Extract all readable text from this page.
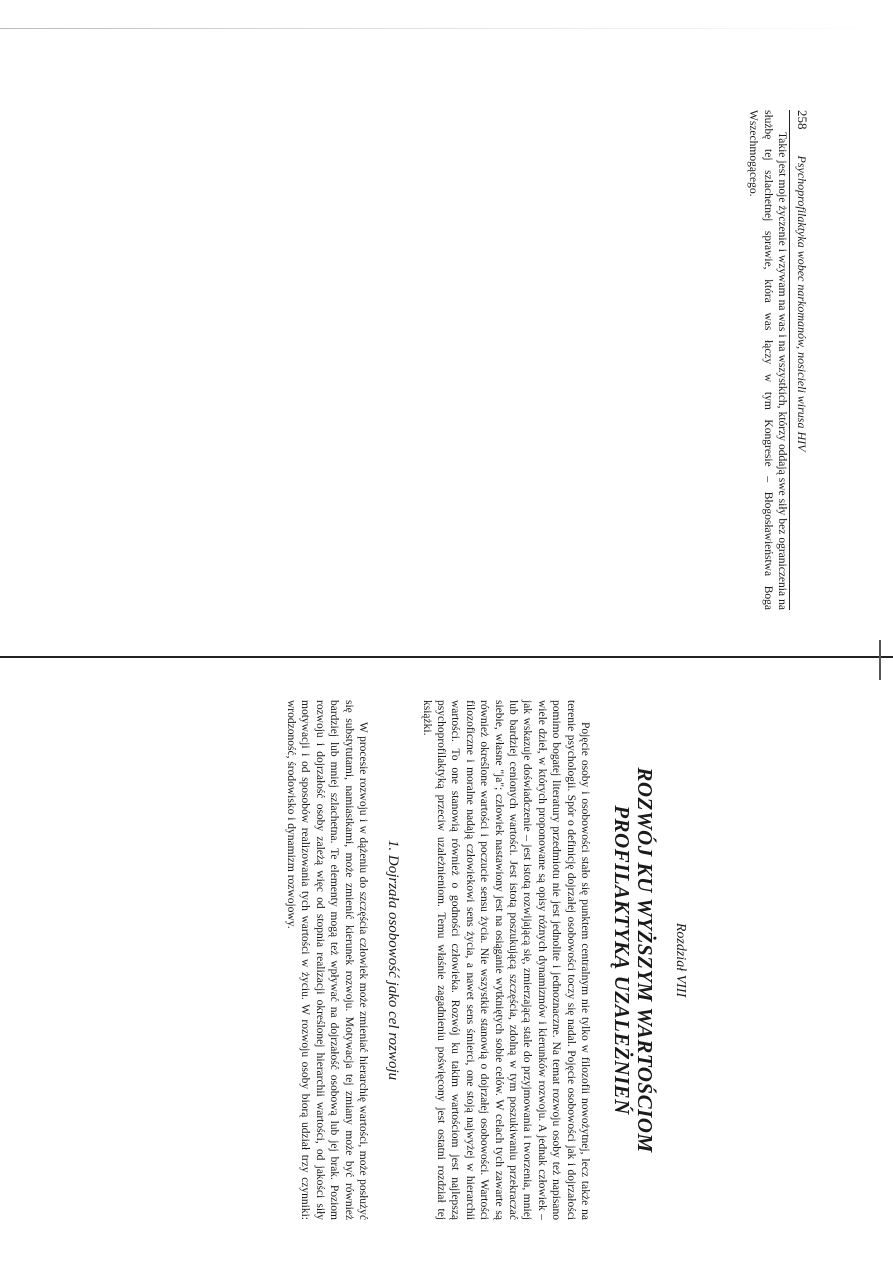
258
Psychoprofilaktyka wobec narkomanów, nosicieli wirusa HIV

Takie jest moje życzenie i wzywam na was i na wszystkich, którzy oddają swe siły bez ograniczenia na służbę tej szlachetnej sprawie, która was łączy w tym Kongresie – Błogosławieństwa Boga Wszechmogącego.

Rozdział VIII
ROZWÓJ KU WYŻSZYM WARTOŚCIOM
PROFILAKTYKĄ UZALEŻNIEŃ

Pojęcie osoby i osobowości stało się punktem centralnym nie tylko w filozofii nowożytnej, lecz także na terenie psychologii. Spór o definicję dojrzałej osobowości toczy się nadal. Pojęcie osobowości jak i dojrzałości pomimo bogatej literatury przedmiotu nie jest jednolite i jednoznaczne. Na temat rozwoju osoby też napisano wiele dzieł, w których proponowane są opisy różnych dynamizmów i kierunków rozwoju. A jednak człowiek – jak wskazuje doświadczenie – jest istotą rozwijającą się, zmierzającą stale do przyjmowania i tworzenia, mniej lub bardziej cenionych wartości. Jest istotą poszukującą szczęścia, zdolną w tym poszukiwaniu przekraczać siebie, własne "ja"; człowiek nastawiony jest na osiąganie wytkniętych sobie celów. W celach tych zawarte są również określone wartości i poczucie sensu życia. Nie wszystkie stanowią o dojrzałej osobowości. Wartości filozoficzne i moralne nadają człowiekowi sens życia, a nawet sens śmierci, one stoją najwyżej w hierarchii wartości. To one stanowią również o godności człowieka. Rozwój ku takim wartościom jest najlepszą psychoprofilaktyką przeciw uzależnieniom. Temu właśnie zagadnieniu poświęcony jest ostatni rozdział tej książki.

1. Dojrzała osobowość jako cel rozwoju

W procesie rozwoju i w dążeniu do szczęścia człowiek może zmieniać hierarchię wartości, może posłużyć się substytutami, namiastkami, może zmienić kierunek rozwoju. Motywacja tej zmiany może być również bardziej lub mniej szlachetna. Te elementy mogą też wpływać na dojrzałość osobową lub jej brak. Poziom rozwoju i dojrzałość osoby zależą więc od stopnia realizacji określonej hierarchii wartości, od jakości siły motywacji i od sposobów realizowania tych wartości w życiu. W rozwoju osoby biorą udział trzy czynniki: wrodzoność, środowisko i dynamizm rozwojowy.
